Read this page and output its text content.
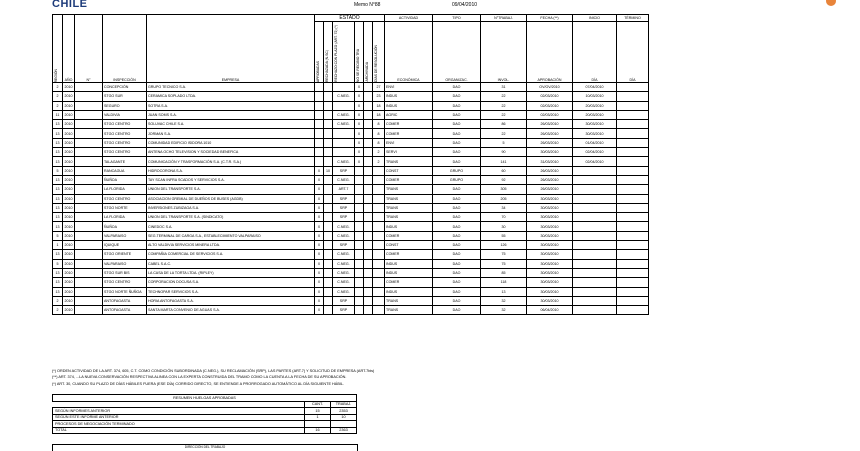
CHILE	Memo N°88	09/04/2010
REGIÓN	AÑO	N°	INSPECCIÓN	EMPRESA	ESTADO						ACTIVIDAD	TIPO	N°TRABAJ.	FECHA (**)	INICIO	TÉRMINO

					APROBADAS	RECHAZADA (N.SC)	RECHAZO CON PLAZO (ART. 72) (*)	NO SE RECIBIO TRA	ARCHIVADA	DÍAS DE RESOLUCIÓN	ECONÓMICA	ORGANIZAC.	INVOL.	APROBACIÓN	DÍA	DÍA

2	2010		CONCEPCIÓN	GRUPO TECNICO S.A.				X		27	ENVI	DAO	31	OV/OV/2010	07/04/2010	
2	2010		STGO SUR	CERAMICA SOPLADO LTDA.			C.NEG.	X		23	INDUS	DAO	22	02/03/2010	10/03/2010	
2	2010		SEGURO	SOTRA S.A.				X		18	INDUS	DAO	22	02/03/2010	20/03/2010	
11	2010		VALDIVIA	JUAN SOMS S.A.			C.NEG.	X		18	AGRIC	DAO	22	02/03/2010	20/03/2010	
13	2010		STGO CENTRO	SOLUVAC CHILE S.A.			C.NEG.	X		8	COMER	DAO	86	26/03/2010	30/03/2010	
13	2010		STGO CENTRO	JORMAN S.A.				X		8	COMER	DAO	22	26/03/2010	30/03/2010	
13	2010		STGO CENTRO	COMUNIDAD EDIFICIO ISIDORA 1010				X		8	ENVI	DAO	5	26/03/2010	01/04/2010	
13	2010		STGO CENTRO	ANTENA OCHO TELEVISION Y SOCIEDAD BENEFICA				X		2	SERVI	DAO	90	30/03/2010	02/04/2010	
13	2010		TALAGANTE	COMUNICACIÓN Y TRASFORMACIÓN S.A. (C.T.R. S.A.)			C.NEG.	X		2	TRANS	DAO	141	31/03/2010	02/04/2010	
5	2010		RANCAGUA	HIDROCORONA S.A.	X	10	SRP				CONST	GRUPO	60	26/03/2010		
13	2010		ÑUÑOA	TAY SCAN INFRA SCADOS Y SERVICIOS S.A.	X		C.NEG.				COMER	GRUPO	92	26/03/2010		
13	2010		LA FLORIDA	UNION DEL TRANSPORTE S.A.	X		ART.7				TRANS	DAO	305	26/03/2010		
13	2010		STGO CENTRO	ASOCIACION GREMIAL DE DUEÑOS DE BUSES (AGDB)	X		SRP				TRANS	DAO	205	30/03/2010		
13	2010		STGO NORTE	INVERSIONES ZUBIZAGA S.A.	X		SRP				TRANS	DAO	34	30/03/2010		
13	2010		LA FLORIDA	UNION DEL TRANSPORTE S.A. (SINDICATO)	X		SRP				TRANS	DAO	70	30/03/2010		
13	2010		ÑUÑOA	CINEDOC S.A.	X		C.NEG.				INDUS	DAO	30	30/03/2010		
5	2010		VALPARAISO	SEG.TERMINAL DE CARGA S.A., ESTABLECIMIENTO VALPARAISO	X		C.NEG.				COMER	DAO	55	30/03/2010		
1	2010		IQUIQUE	ALTO VALDIVIA SERVICIOS MINERA LTDA.	X		SRP				CONST	DAO	126	30/03/2010		
13	2010		STGO ORIENTE	COMPAÑIA COMERCIAL DE SERVICIOS S.A.	X		C.NEG.				COMER	DAO	75	30/03/2010		
5	2010		VALPARAISO	CABEL S.A.C.	X		C.NEG.				INDUS	DAO	75	30/03/2010		
13	2010		STGO SUR BIS	LA CASA DE LA TORTA LTDA. (RIPLEY)	X		C.NEG.				INDUS	DAO	85	30/03/2010		
13	2010		STGO CENTRO	CORPORACION DOCUSA S.A.	X		C.NEG.				COMER	DAO	118	30/03/2010		
13	2010		STGO NORTE ÑUÑOA	TECHNOPAR SERVICIOS S.A.	X		C.NEG.				INDUS	DAO	13	30/03/2010		
2	2010		ANTOFAGASTA	HORIA ANTOFAGASTA S.A.	X		SRP				TRANS	DAO	32	30/03/2010		
2	2010		ANTOFAGASTA	SANTA MARTA CONVENIO DE AGUAS S.A.	X		SRP				TRANS	DAO	32	06/04/2010		
(*) ORDEN ACTIVIDAD DE LA ART. 374, 605, C.T. COMO CONDICIÓN SUBORDINADA (C.NEG.), SU RECLAMACIÓN (SRP), LAS PARTES (ART.7) Y SOLICITUD DE EMPRESA (ART.7bis)
(**) ART. 374, ...LA NUEVA CONSERVACIÓN RESPECTIVA ALINEA CON LA EXPERTA CONSTRUIDA DEL TRAMO COMO LA CUENTA A LA FECHA DE SU APROBACIÓN.
(*) ART. 30, CUANDO SU PLAZO DE DÍAS HÁBILES FUERA (ESE DÍA) CORRIDO DIRECTO, SE ENTIENDE A PRORROGADO AUTOMÁTICO AL DÍA SIGUIENTE HÁBIL.
RESUMEN HUELGAS APROBADAS		
	CANT.	TRABAJ.
SEGÚN INFORMES ANTERIOR	15	2353
SEGÚN ESTE INFORME ANTERIOR	1	10
PROCESOS DE NEGOCIACIÓN TERMINADO		
TOTAL	16	2363
DIRECCIÓN DEL TRABAJO
